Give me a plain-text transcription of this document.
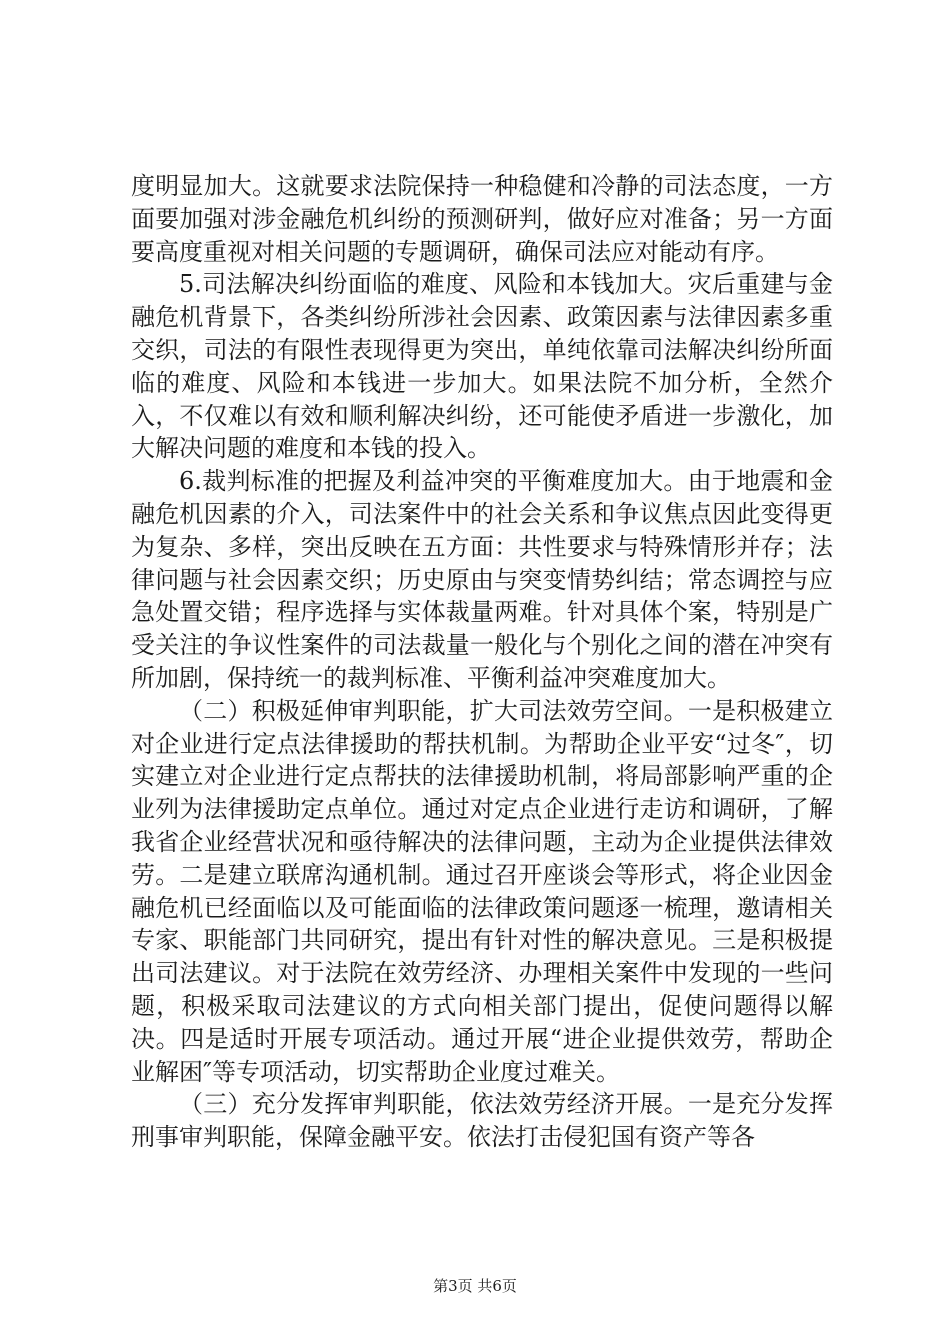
度明显加大。这就要求法院保持一种稳健和冷静的司法态度，一方面要加强对涉金融危机纠纷的预测研判，做好应对准备；另一方面要高度重视对相关问题的专题调研，确保司法应对能动有序。

5.司法解决纠纷面临的难度、风险和本钱加大。灾后重建与金融危机背景下，各类纠纷所涉社会因素、政策因素与法律因素多重交织，司法的有限性表现得更为突出，单纯依靠司法解决纠纷所面临的难度、风险和本钱进一步加大。如果法院不加分析，全然介入，不仅难以有效和顺利解决纠纷，还可能使矛盾进一步激化，加大解决问题的难度和本钱的投入。

6.裁判标准的把握及利益冲突的平衡难度加大。由于地震和金融危机因素的介入，司法案件中的社会关系和争议焦点因此变得更为复杂、多样，突出反映在五方面：共性要求与特殊情形并存；法律问题与社会因素交织；历史原由与突变情势纠结；常态调控与应急处置交错；程序选择与实体裁量两难。针对具体个案，特别是广受关注的争议性案件的司法裁量一般化与个别化之间的潜在冲突有所加剧，保持统一的裁判标准、平衡利益冲突难度加大。

（二）积极延伸审判职能，扩大司法效劳空间。一是积极建立对企业进行定点法律援助的帮扶机制。为帮助企业平安“过冬″，切实建立对企业进行定点帮扶的法律援助机制，将局部影响严重的企业列为法律援助定点单位。通过对定点企业进行走访和调研，了解我省企业经营状况和亟待解决的法律问题，主动为企业提供法律效劳。二是建立联席沟通机制。通过召开座谈会等形式，将企业因金融危机已经面临以及可能面临的法律政策问题逐一梳理，邀请相关专家、职能部门共同研究，提出有针对性的解决意见。三是积极提出司法建议。对于法院在效劳经济、办理相关案件中发现的一些问题，积极采取司法建议的方式向相关部门提出，促使问题得以解决。四是适时开展专项活动。通过开展“进企业提供效劳，帮助企业解困″等专项活动，切实帮助企业度过难关。

（三）充分发挥审判职能，依法效劳经济开展。一是充分发挥刑事审判职能，保障金融平安。依法打击侵犯国有资产等各

第3页 共6页
